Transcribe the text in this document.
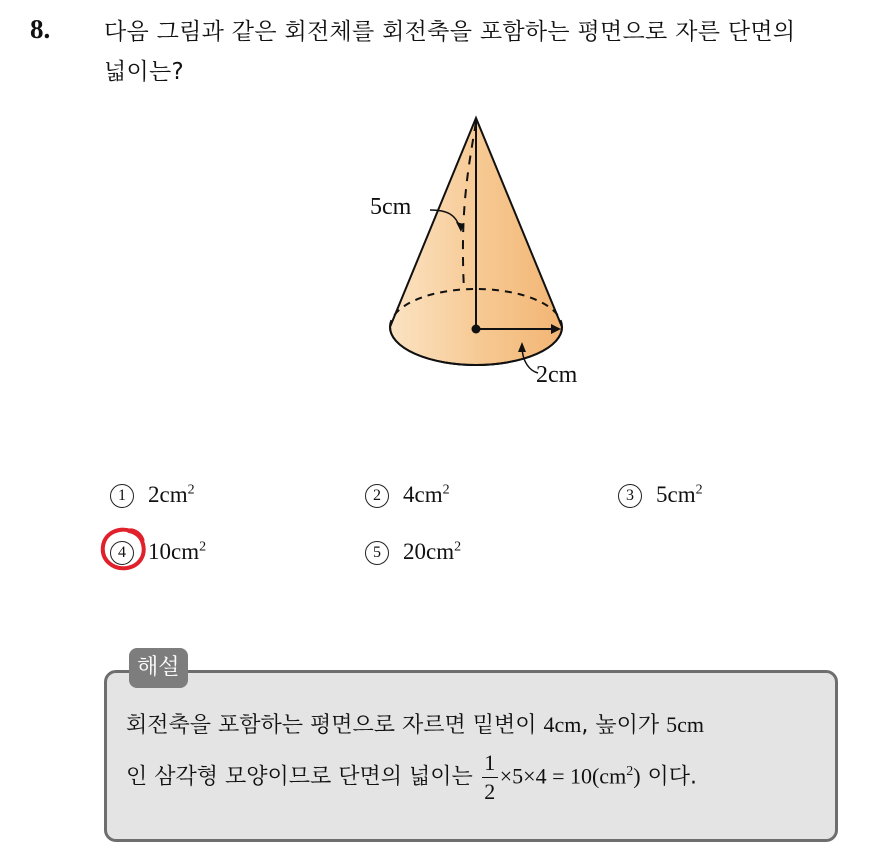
8. 다음 그림과 같은 회전체를 회전축을 포함하는 평면으로 자른 단면의
넓이는?
5cm
2cm
1 $2cm^2$	2 $4cm^2$	3 $5cm^2$
4 $10cm^2$	5 $20cm^2$
해설
회전축을 포함하는 평면으로 자르면 밑변이 4cm, 높이가 5cm
인 삼각형 모양이므로 단면의 넓이는 $\frac{1}{2} \times 5\times 4 = 10(cm^2)$ 이다.
